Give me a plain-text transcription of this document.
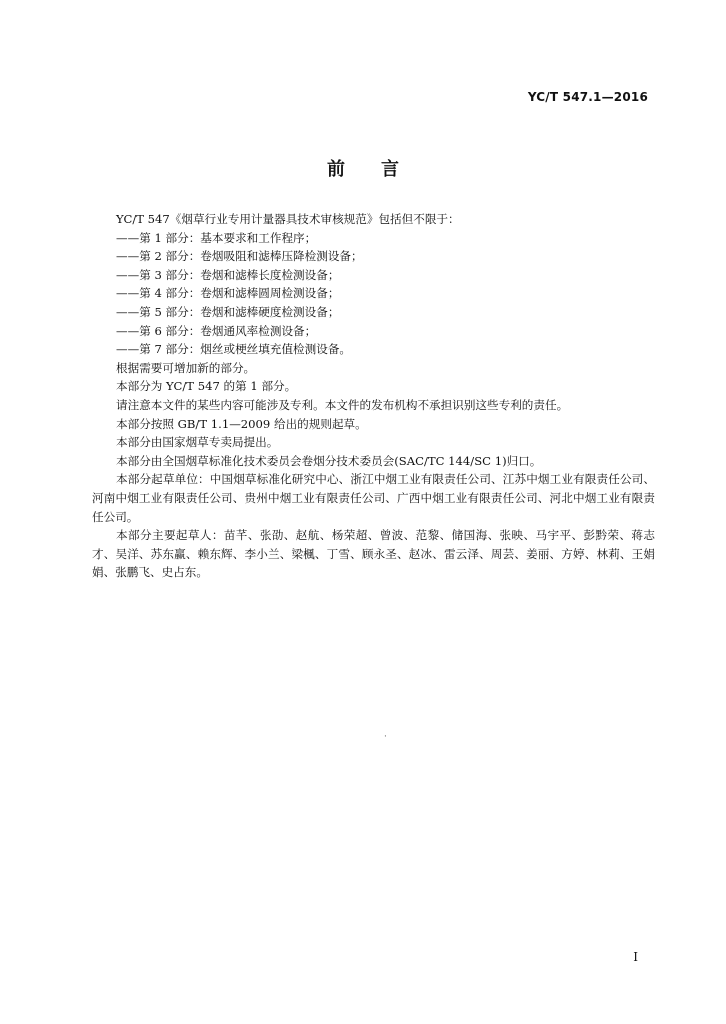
YC/T 547.1—2016
前言
YC/T 547《烟草行业专用计量器具技术审核规范》包括但不限于：
——第 1 部分：基本要求和工作程序；
——第 2 部分：卷烟吸阻和滤棒压降检测设备；
——第 3 部分：卷烟和滤棒长度检测设备；
——第 4 部分：卷烟和滤棒圆周检测设备；
——第 5 部分：卷烟和滤棒硬度检测设备；
——第 6 部分：卷烟通风率检测设备；
——第 7 部分：烟丝或梗丝填充值检测设备。
根据需要可增加新的部分。
本部分为 YC/T 547 的第 1 部分。
请注意本文件的某些内容可能涉及专利。本文件的发布机构不承担识别这些专利的责任。
本部分按照 GB/T 1.1—2009 给出的规则起草。
本部分由国家烟草专卖局提出。
本部分由全国烟草标准化技术委员会卷烟分技术委员会(SAC/TC 144/SC 1)归口。
本部分起草单位：中国烟草标准化研究中心、浙江中烟工业有限责任公司、江苏中烟工业有限责任公司、河南中烟工业有限责任公司、贵州中烟工业有限责任公司、广西中烟工业有限责任公司、河北中烟工业有限责任公司。
本部分主要起草人：苗芊、张劭、赵航、杨荣超、曾波、范黎、储国海、张映、马宇平、彭黔荣、蒋志才、吴洋、苏东赢、赖东辉、李小兰、梁楓、丁雪、顾永圣、赵冰、雷云泽、周芸、姜丽、方婷、林莉、王娟娟、张鹏飞、史占东。
·
I
